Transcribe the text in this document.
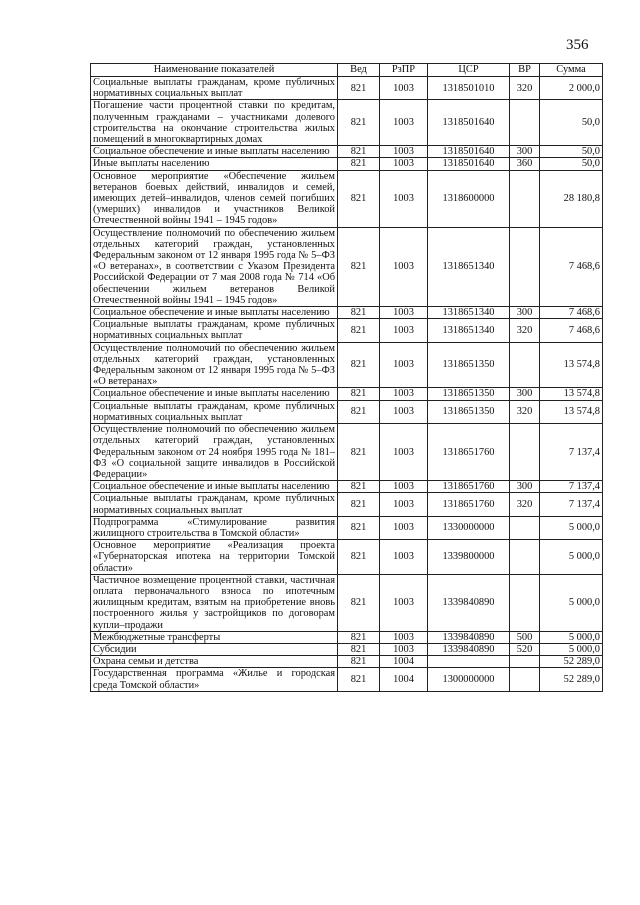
356
Наименование показателей	Вед	РзПР	ЦСР	ВР	Сумма
Социальные выплаты гражданам, кроме публичных нормативных социальных выплат	821	1003	1318501010	320	2 000,0
Погашение части процентной ставки по кредитам, полученным гражданами – участниками долевого строительства на окончание строительства жилых помещений в многоквартирных домах	821	1003	1318501640		50,0
Социальное обеспечение и иные выплаты населению	821	1003	1318501640	300	50,0
Иные выплаты населению	821	1003	1318501640	360	50,0
Основное мероприятие «Обеспечение жильем ветеранов боевых действий, инвалидов и семей, имеющих детей–инвалидов, членов семей погибших (умерших) инвалидов и участников Великой Отечественной войны 1941 – 1945 годов»	821	1003	1318600000		28 180,8
Осуществление полномочий по обеспечению жильем отдельных категорий граждан, установленных Федеральным законом от 12 января 1995 года № 5–ФЗ «О ветеранах», в соответствии с Указом Президента Российской Федерации от 7 мая 2008 года № 714 «Об обеспечении жильем ветеранов Великой Отечественной войны 1941 – 1945 годов»	821	1003	1318651340		7 468,6
Социальное обеспечение и иные выплаты населению	821	1003	1318651340	300	7 468,6
Социальные выплаты гражданам, кроме публичных нормативных социальных выплат	821	1003	1318651340	320	7 468,6
Осуществление полномочий по обеспечению жильем отдельных категорий граждан, установленных Федеральным законом от 12 января 1995 года № 5–ФЗ «О ветеранах»	821	1003	1318651350		13 574,8
Социальное обеспечение и иные выплаты населению	821	1003	1318651350	300	13 574,8
Социальные выплаты гражданам, кроме публичных нормативных социальных выплат	821	1003	1318651350	320	13 574,8
Осуществление полномочий по обеспечению жильем отдельных категорий граждан, установленных Федеральным законом от 24 ноября 1995 года № 181–ФЗ «О социальной защите инвалидов в Российской Федерации»	821	1003	1318651760		7 137,4
Социальное обеспечение и иные выплаты населению	821	1003	1318651760	300	7 137,4
Социальные выплаты гражданам, кроме публичных нормативных социальных выплат	821	1003	1318651760	320	7 137,4
Подпрограмма «Стимулирование развития жилищного строительства в Томской области»	821	1003	1330000000		5 000,0
Основное мероприятие «Реализация проекта «Губернаторская ипотека на территории Томской области»	821	1003	1339800000		5 000,0
Частичное возмещение процентной ставки, частичная оплата первоначального взноса по ипотечным жилищным кредитам, взятым на приобретение вновь построенного жилья у застройщиков по договорам купли–продажи	821	1003	1339840890		5 000,0
Межбюджетные трансферты	821	1003	1339840890	500	5 000,0
Субсидии	821	1003	1339840890	520	5 000,0
Охрана семьи и детства	821	1004			52 289,0
Государственная программа «Жилье и городская среда Томской области»	821	1004	1300000000		52 289,0
